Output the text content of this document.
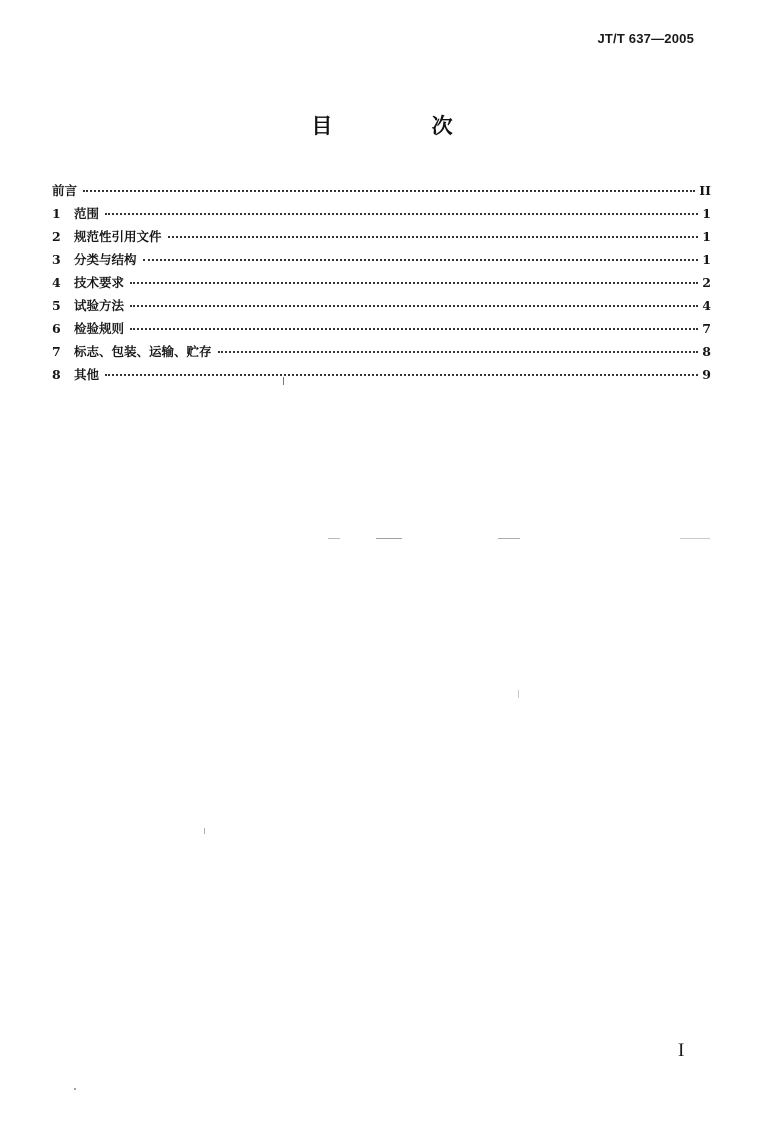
JT/T 637—2005
目 次
前言	II
1	范围	1
2	规范性引用文件	1
3	分类与结构	1
4	技术要求	2
5	试验方法	4
6	检验规则	7
7	标志、包装、运输、贮存	8
8	其他	9
I
